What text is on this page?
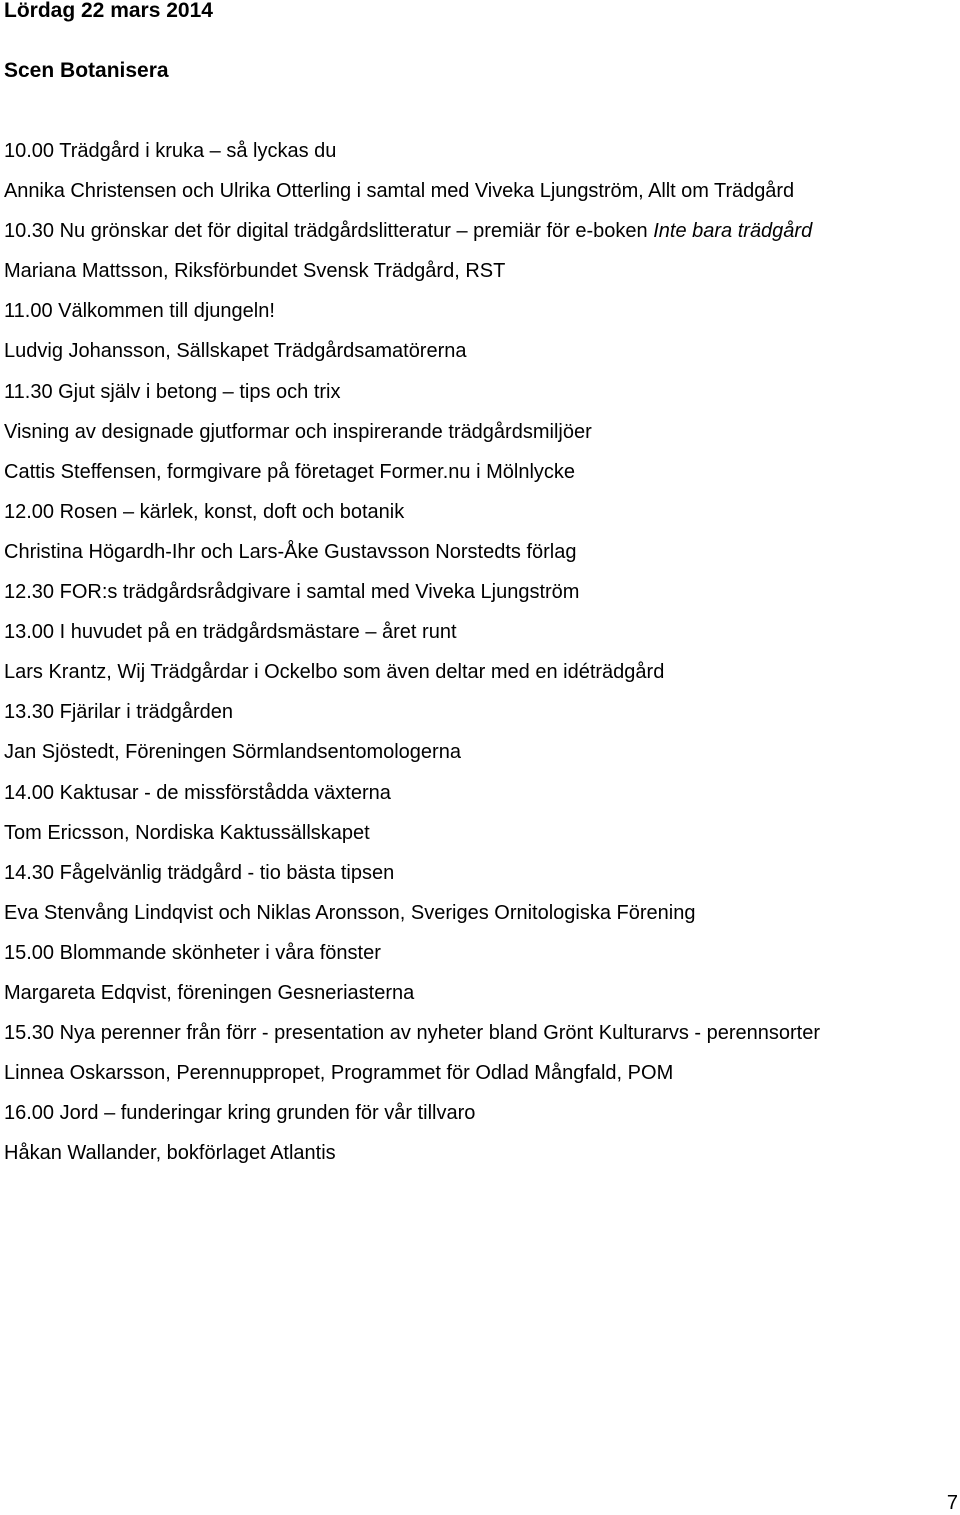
Lördag 22 mars 2014
Scen Botanisera
10.00 Trädgård i kruka – så lyckas du
Annika Christensen och Ulrika Otterling i samtal med Viveka Ljungström, Allt om Trädgård
10.30 Nu grönskar det för digital trädgårdslitteratur – premiär för e-boken Inte bara trädgård
Mariana Mattsson, Riksförbundet Svensk Trädgård, RST
11.00 Välkommen till djungeln!
Ludvig Johansson, Sällskapet Trädgårdsamatörerna
11.30 Gjut själv i betong – tips och trix
Visning av designade gjutformar och inspirerande trädgårdsmiljöer
Cattis Steffensen, formgivare på företaget Former.nu i Mölnlycke
12.00 Rosen – kärlek, konst, doft och botanik
Christina Högardh-Ihr och Lars-Åke Gustavsson Norstedts förlag
12.30 FOR:s trädgårdsrådgivare i samtal med Viveka Ljungström
13.00 I huvudet på en trädgårdsmästare – året runt
Lars Krantz, Wij Trädgårdar i Ockelbo som även deltar med en idéträdgård
13.30 Fjärilar i trädgården
Jan Sjöstedt, Föreningen Sörmlandsentomologerna
14.00 Kaktusar - de missförstådda växterna
Tom Ericsson, Nordiska Kaktussällskapet
14.30 Fågelvänlig trädgård - tio bästa tipsen
Eva Stenvång Lindqvist och Niklas Aronsson, Sveriges Ornitologiska Förening
15.00 Blommande skönheter i våra fönster
Margareta Edqvist, föreningen Gesneriasterna
15.30 Nya perenner från förr - presentation av nyheter bland Grönt Kulturarvs - perennsorter
Linnea Oskarsson, Perennuppropet, Programmet för Odlad Mångfald, POM
16.00 Jord – funderingar kring grunden för vår tillvaro
Håkan Wallander, bokförlaget Atlantis
7
